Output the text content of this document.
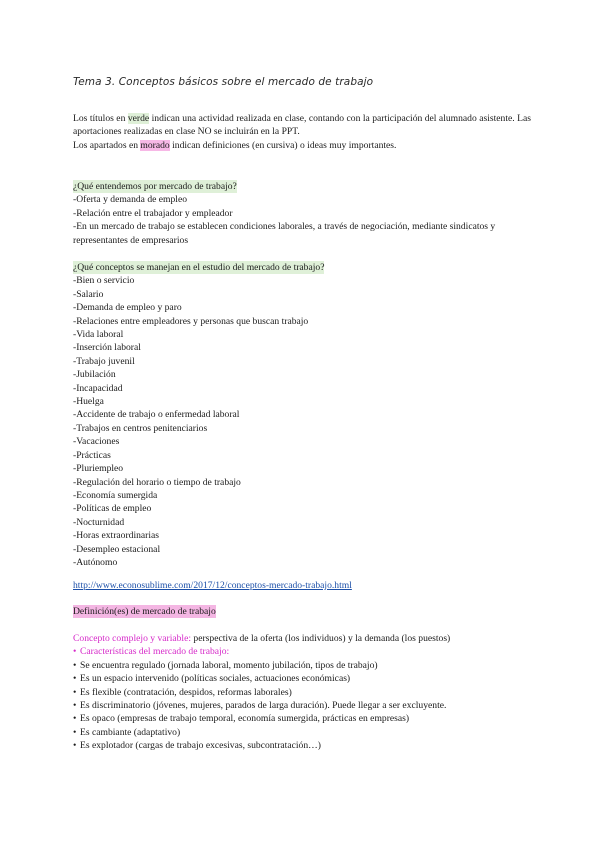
Tema 3. Conceptos básicos sobre el mercado de trabajo
Los títulos en verde indican una actividad realizada en clase, contando con la participación del alumnado asistente. Las aportaciones realizadas en clase NO se incluirán en la PPT.
Los apartados en morado indican definiciones (en cursiva) o ideas muy importantes.
¿Qué entendemos por mercado de trabajo?
-Oferta y demanda de empleo
-Relación entre el trabajador y empleador
-En un mercado de trabajo se establecen condiciones laborales, a través de negociación, mediante sindicatos y representantes de empresarios
¿Qué conceptos se manejan en el estudio del mercado de trabajo?
-Bien o servicio
-Salario
-Demanda de empleo y paro
-Relaciones entre empleadores y personas que buscan trabajo
-Vida laboral
-Inserción laboral
-Trabajo juvenil
-Jubilación
-Incapacidad
-Huelga
-Accidente de trabajo o enfermedad laboral
-Trabajos en centros penitenciarios
-Vacaciones
-Prácticas
-Pluriempleo
-Regulación del horario o tiempo de trabajo
-Economía sumergida
-Políticas de empleo
-Nocturnidad
-Horas extraordinarias
-Desempleo estacional
-Autónomo
http://www.econosublime.com/2017/12/conceptos-mercado-trabajo.html
Definición(es) de mercado de trabajo
Concepto complejo y variable: perspectiva de la oferta (los individuos) y la demanda (los puestos)
• Características del mercado de trabajo:
• Se encuentra regulado (jornada laboral, momento jubilación, tipos de trabajo)
• Es un espacio intervenido (políticas sociales, actuaciones económicas)
• Es flexible (contratación, despidos, reformas laborales)
• Es discriminatorio (jóvenes, mujeres, parados de larga duración). Puede llegar a ser excluyente.
• Es opaco (empresas de trabajo temporal, economía sumergida, prácticas en empresas)
• Es cambiante (adaptativo)
• Es explotador (cargas de trabajo excesivas, subcontratación…)
